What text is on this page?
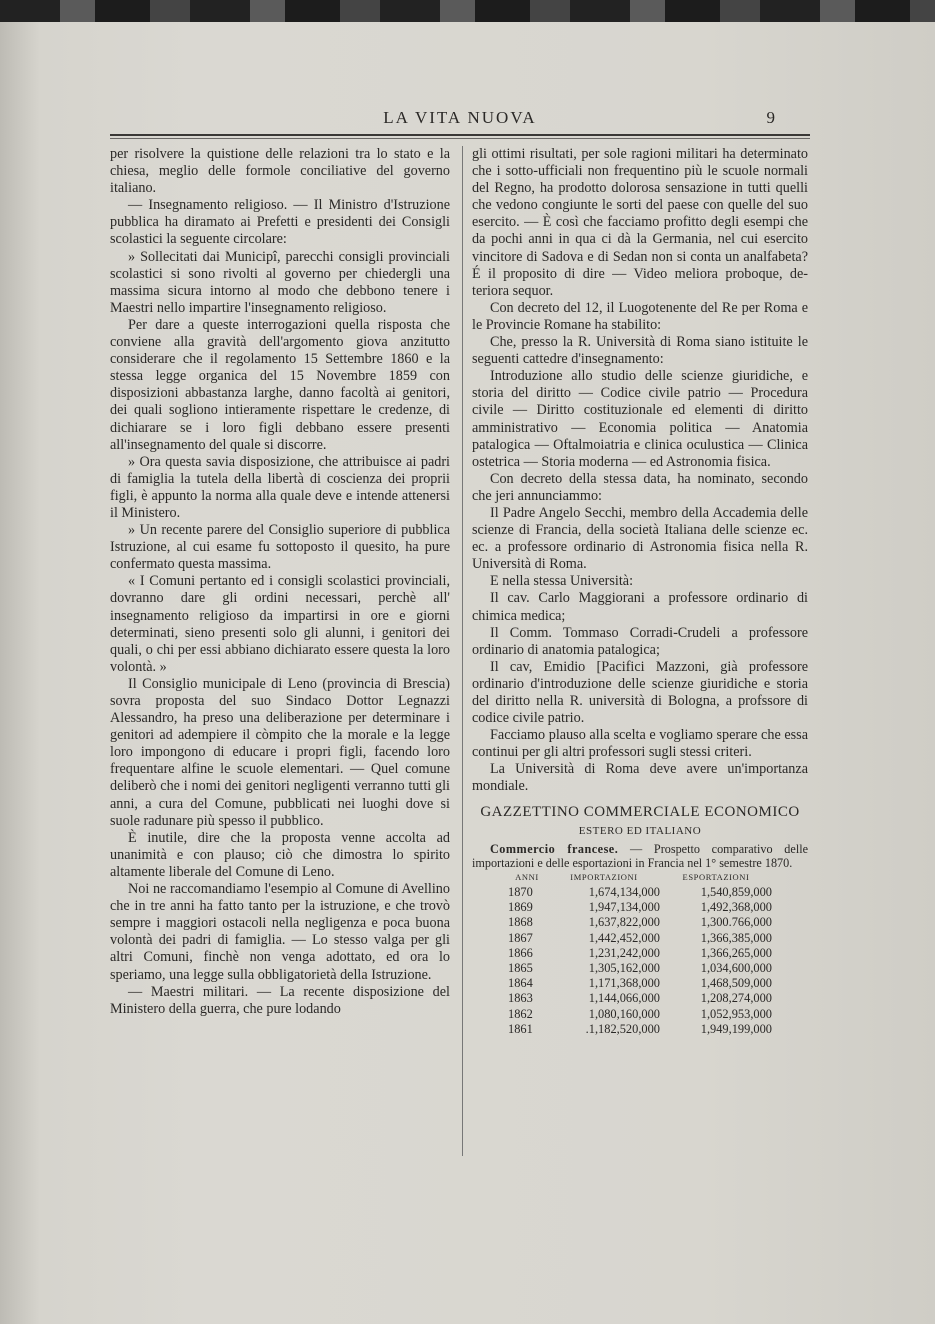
LA VITA NUOVA	9

per risolvere la quistione delle relazioni tra lo stato e la chiesa, meglio delle formole conciliative del governo italiano.

— Insegnamento religioso. — Il Ministro d'Istruzione pubblica ha diramato ai Prefetti e presidenti dei Consigli scolastici la seguente circolare:

» Sollecitati dai Municipî, parecchi consigli provinciali scolastici si sono rivolti al governo per chiedergli una massima sicura intorno al modo che debbono tenere i Maestri nello impartire l'insegnamento religioso.

Per dare a queste interrogazioni quella risposta che conviene alla gravità dell'argomento giova anzitutto considerare che il regolamento 15 Settembre 1860 e la stessa legge organica del 15 Novembre 1859 con disposizioni abbastanza larghe, danno facoltà ai genitori, dei quali sogliono intieramente rispettare le credenze, di dichiarare se i loro figli debbano essere presenti all'insegnamento del quale si discorre.

» Ora questa savia disposizione, che attribuisce ai padri di famiglia la tutela della libertà di coscienza dei proprii figli, è appunto la norma alla quale deve e intende attenersi il Ministero.

» Un recente parere del Consiglio superiore di pubblica Istruzione, al cui esame fu sottoposto il quesito, ha pure confermato questa massima.

« I Comuni pertanto ed i consigli scolastici provinciali, dovranno dare gli ordini necessari, perchè all' insegnamento religioso da impartirsi in ore e giorni determinati, sieno presenti solo gli alunni, i genitori dei quali, o chi per essi abbiano dichiarato essere questa la loro volontà. »

Il Consiglio municipale di Leno (provincia di Brescia) sovra proposta del suo Sindaco Dottor Legnazzi Alessandro, ha preso una deliberazione per determinare i genitori ad adempiere il còmpito che la morale e la legge loro impongono di educare i propri figli, facendo loro frequentare alfine le scuole elementari. — Quel comune deliberò che i nomi dei genitori negligenti verranno tutti gli anni, a cura del Comune, pubblicati nei luoghi dove si suole radunare più spesso il pubblico.

È inutile, dire che la proposta venne accolta ad unanimità e con plauso; ciò che dimostra lo spirito altamente liberale del Comune di Leno.

Noi ne raccomandiamo l'esempio al Comune di Avellino che in tre anni ha fatto tanto per la istruzione, e che trovò sempre i maggiori ostacoli nella negligenza e poca buona volontà dei padri di famiglia. — Lo stesso valga per gli altri Comuni, finchè non venga adottato, ed ora lo speriamo, una legge sulla obbligatorietà della Istruzione.

— Maestri militari. — La recente disposizione del Ministero della guerra, che pure lodando

gli ottimi risultati, per sole ragioni militari ha determinato che i sotto-ufficiali non frequentino più le scuole normali del Regno, ha prodotto dolorosa sensazione in tutti quelli che vedono congiunte le sorti del paese con quelle del suo esercito. — È così che facciamo profitto degli esempi che da pochi anni in qua ci dà la Germania, nel cui esercito vincitore di Sadova e di Sedan non si conta un analfabeta? É il proposito di dire — Video meliora proboque, de- teriora sequor.

Con decreto del 12, il Luogotenente del Re per Roma e le Provincie Romane ha stabilito:

Che, presso la R. Università di Roma siano istituite le seguenti cattedre d'insegnamento:

Introduzione allo studio delle scienze giuridiche, e storia del diritto — Codice civile patrio — Procedura civile — Diritto costituzionale ed elementi di diritto amministrativo — Economia politica — Anatomia patalogica — Oftalmoiatria e clinica oculustica — Clinica ostetrica — Storia moderna — ed Astronomia fisica.

Con decreto della stessa data, ha nominato, secondo che jeri annunciammo:

Il Padre Angelo Secchi, membro della Accademia delle scienze di Francia, della società Italiana delle scienze ec. ec. a professore ordinario di Astronomia fisica nella R. Università di Roma.

E nella stessa Università:

Il cav. Carlo Maggiorani a professore ordinario di chimica medica;

Il Comm. Tommaso Corradi-Crudeli a professore ordinario di anatomia patalogica;

Il cav, Emidio [Pacifici Mazzoni, già professore ordinario d'introduzione delle scienze giuridiche e storia del diritto nella R. università di Bologna, a profssore di codice civile patrio.

Facciamo plauso alla scelta e vogliamo sperare che essa continui per gli altri professori sugli stessi criteri.

La Università di Roma deve avere un'importanza mondiale.

GAZZETTINO COMMERCIALE ECONOMICO
ESTERO ED ITALIANO

Commercio francese. — Prospetto comparativo delle importazioni e delle esportazioni in Francia nel 1° semestre 1870.

ANNI	IMPORTAZIONI	ESPORTAZIONI
1870	1,674,134,000	1,540,859,000
1869	1,947,134,000	1,492,368,000
1868	1,637,822,000	1,300.766,000
1867	1,442,452,000	1,366,385,000
1866	1,231,242,000	1,366,265,000
1865	1,305,162,000	1,034,600,000
1864	1,171,368,000	1,468,509,000
1863	1,144,066,000	1,208,274,000
1862	1,080,160,000	1,052,953,000
1861	.1,182,520,000	1,949,199,000
